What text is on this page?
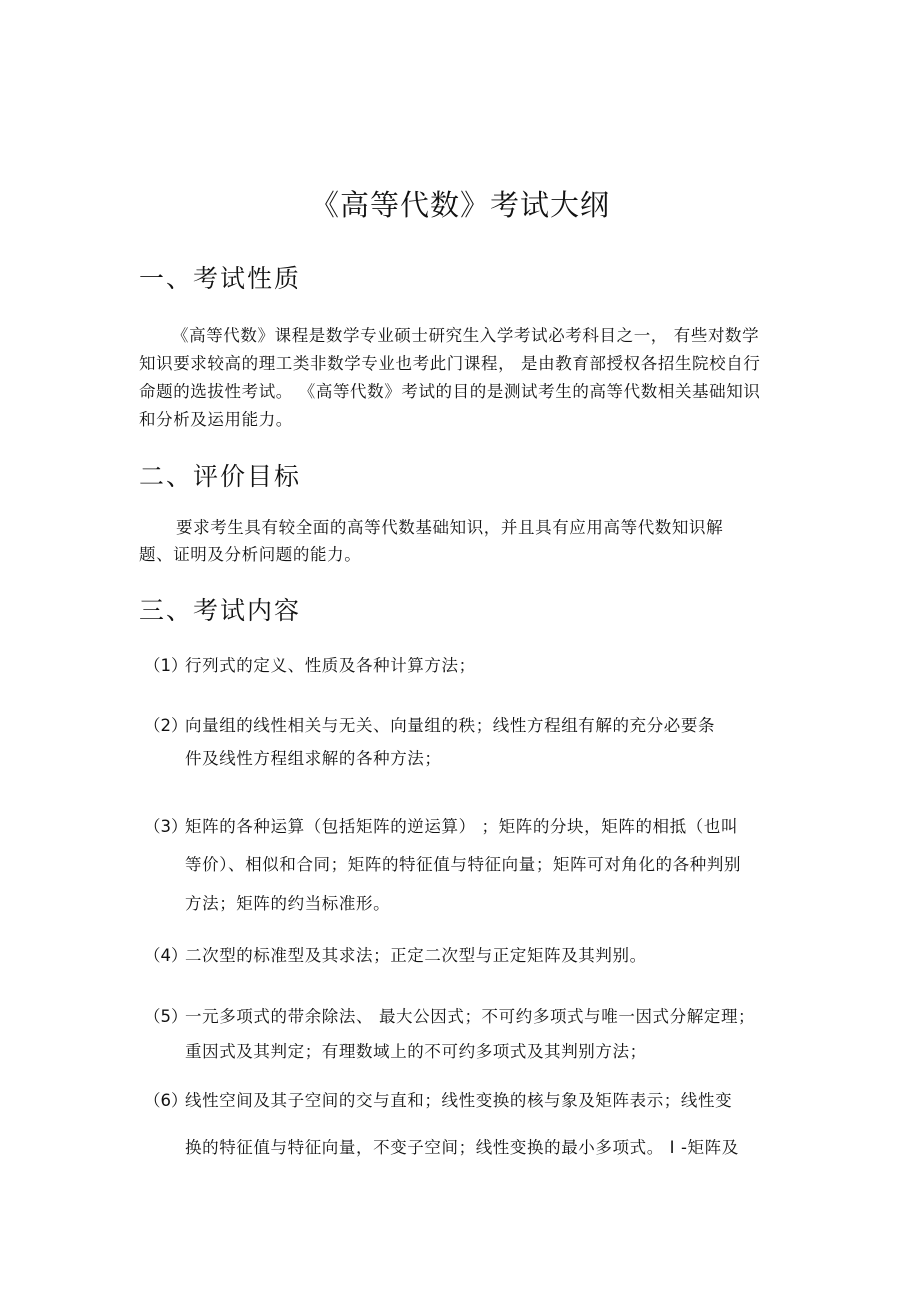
《高等代数》考试大纲
一、考试性质
《高等代数》课程是数学专业硕士研究生入学考试必考科目之一， 有些对数学
知识要求较高的理工类非数学专业也考此门课程， 是由教育部授权各招生院校自行
命题的选拔性考试。 《高等代数》考试的目的是测试考生的高等代数相关基础知识
和分析及运用能力。
二、评价目标
要求考生具有较全面的高等代数基础知识，并且具有应用高等代数知识解
题、证明及分析问题的能力。
三、考试内容
（1）
行列式的定义、性质及各种计算方法；
（2）
向量组的线性相关与无关、向量组的秩；线性方程组有解的充分必要条
件及线性方程组求解的各种方法；
（3）
矩阵的各种运算（包括矩阵的逆运算） ；矩阵的分块，矩阵的相抵（也叫
等价）、相似和合同；矩阵的特征值与特征向量；矩阵可对角化的各种判别
方法；矩阵的约当标准形。
（4）
二次型的标准型及其求法；正定二次型与正定矩阵及其判别。
（5）
一元多项式的带余除法、 最大公因式；不可约多项式与唯一因式分解定理；
重因式及其判定；有理数域上的不可约多项式及其判别方法；
（6）
线性空间及其子空间的交与直和；线性变换的核与象及矩阵表示；线性变
换的特征值与特征向量，不变子空间；线性变换的最小多项式。 I -矩阵及
